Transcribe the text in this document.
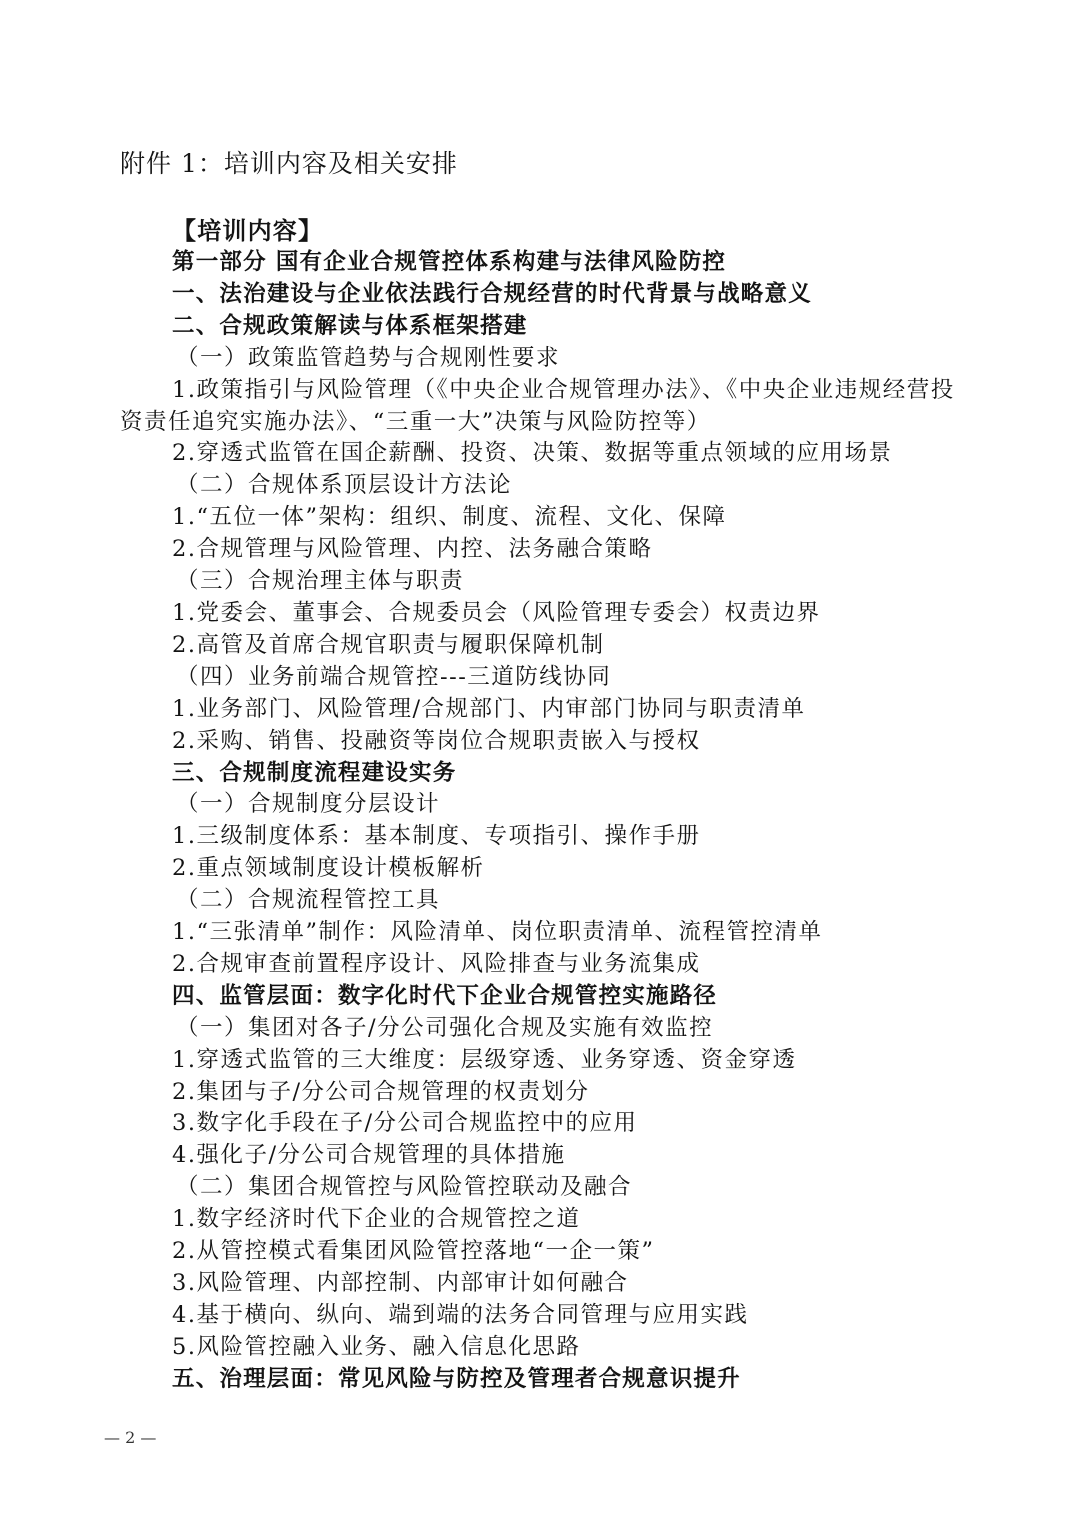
附件 1：培训内容及相关安排
【培训内容】
第一部分 国有企业合规管控体系构建与法律风险防控
一、法治建设与企业依法践行合规经营的时代背景与战略意义
二、合规政策解读与体系框架搭建
（一）政策监管趋势与合规刚性要求
1.政策指引与风险管理（《中央企业合规管理办法》、《中央企业违规经营投资责任追究实施办法》、“三重一大”决策与风险防控等）
2.穿透式监管在国企薪酬、投资、决策、数据等重点领域的应用场景
（二）合规体系顶层设计方法论
1.“五位一体”架构：组织、制度、流程、文化、保障
2.合规管理与风险管理、内控、法务融合策略
（三）合规治理主体与职责
1.党委会、董事会、合规委员会（风险管理专委会）权责边界
2.高管及首席合规官职责与履职保障机制
（四）业务前端合规管控---三道防线协同
1.业务部门、风险管理/合规部门、内审部门协同与职责清单
2.采购、销售、投融资等岗位合规职责嵌入与授权
三、合规制度流程建设实务
（一）合规制度分层设计
1.三级制度体系：基本制度、专项指引、操作手册
2.重点领域制度设计模板解析
（二）合规流程管控工具
1.“三张清单”制作：风险清单、岗位职责清单、流程管控清单
2.合规审查前置程序设计、风险排查与业务流集成
四、监管层面：数字化时代下企业合规管控实施路径
（一）集团对各子/分公司强化合规及实施有效监控
1.穿透式监管的三大维度：层级穿透、业务穿透、资金穿透
2.集团与子/分公司合规管理的权责划分
3.数字化手段在子/分公司合规监控中的应用
4.强化子/分公司合规管理的具体措施
（二）集团合规管控与风险管控联动及融合
1.数字经济时代下企业的合规管控之道
2.从管控模式看集团风险管控落地“一企一策”
3.风险管理、内部控制、内部审计如何融合
4.基于横向、纵向、端到端的法务合同管理与应用实践
5.风险管控融入业务、融入信息化思路
五、治理层面：常见风险与防控及管理者合规意识提升
— 2 —
